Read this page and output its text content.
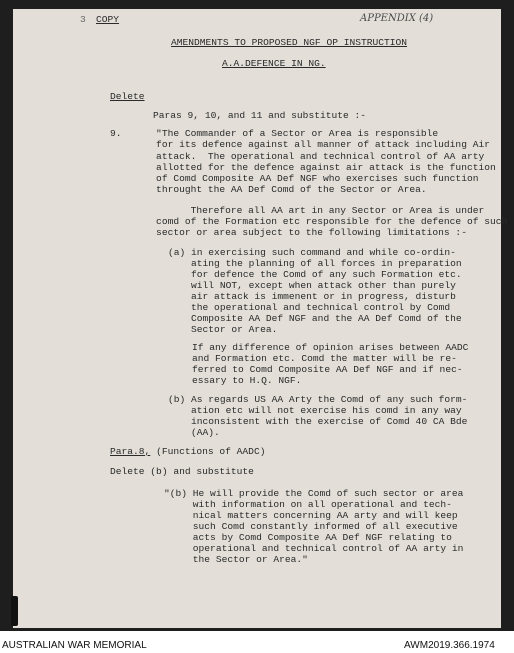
3 COPY	APPENDIX (4)
AMENDMENTS TO PROPOSED NGF OP INSTRUCTION
A.A.DEFENCE IN NG.
Delete
Paras 9, 10, and 11 and substitute :-
9.      "The Commander of a Sector or Area is responsible
for its defence against all manner of attack including Air
attack.  The operational and technical control of AA arty
allotted for the defence against air attack is the function
of Comd Composite AA Def NGF who exercises such function
throught the AA Def Comd of the Sector or Area.
Therefore all AA art in any Sector or Area is under
comd of the Formation etc responsible for the defence of such
sector or area subject to the following limitations :-
(a) in exercising such command and while co-ordin-
ating the planning of all forces in preparation
for defence the Comd of any such Formation etc.
will NOT, except when attack other than purely
air attack is immenent or in progress, disturb
the operational and technical control by Comd
Composite AA Def NGF and the AA Def Comd of the
Sector or Area.
If any difference of opinion arises between AADC
and Formation etc. Comd the matter will be re-
ferred to Comd Composite AA Def NGF and if nec-
essary to H.Q. NGF.
(b) As regards US AA Arty the Comd of any such form-
ation etc will not exercise his comd in any way
inconsistent with the exercise of Comd 40 CA Bde
(AA).
Para.8, (Functions of AADC)
Delete (b) and substitute
"(b) He will provide the Comd of such sector or area
with information on all operational and tech-
nical matters concerning AA arty and will keep
such Comd constantly informed of all executive
acts by Comd Composite AA Def NGF relating to
operational and technical control of AA arty in
the Sector or Area."
AUSTRALIAN WAR MEMORIAL	AWM2019.366.1974
